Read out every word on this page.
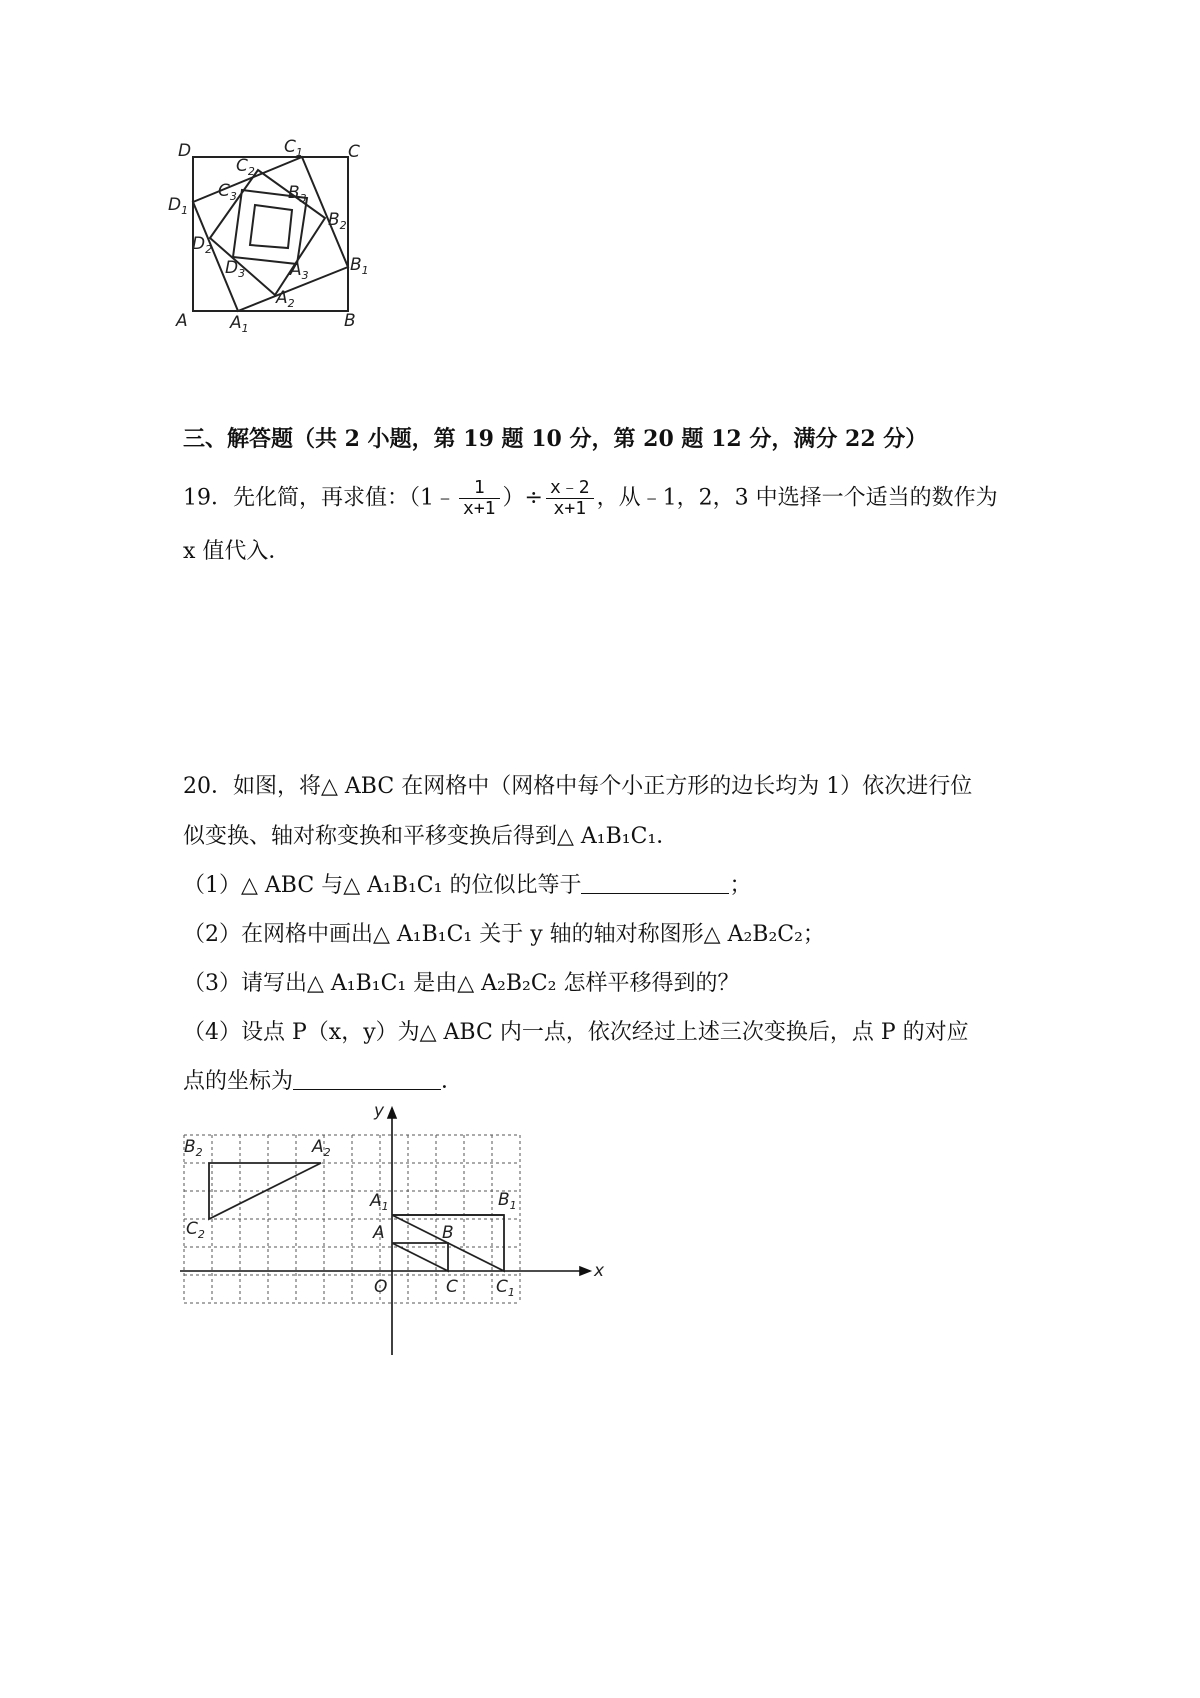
D	$C_1$	C
$C_2$
$C_3$	$B_3$
$D_1$	$B_2$
$D_2$
$D_3$	$A_3$
$B_1$
$A_2$
A $A_1$	B
三、解答题（共 2 小题，第 19 题 10 分，第 20 题 12 分，满分 22 分）
19．先化简，再求值：（1﹣ $\frac{1}{x+1}$ ）÷ $\frac{x﹣2}{x+1}$ ，从﹣1，2，3 中选择一个适当的数作为
x 值代入．
20．如图，将△ ABC 在网格中（网格中每个小正方形的边长均为 1）依次进行位
似变换、轴对称变换和平移变换后得到△ A₁B₁C₁．
（1）△ ABC 与△ A₁B₁C₁ 的位似比等于	；
（2）在网格中画出△ A₁B₁C₁ 关于 y 轴的轴对称图形△ A₂B₂C₂；
（3）请写出△ A₁B₁C₁ 是由△ A₂B₂C₂ 怎样平移得到的？
（4）设点 P（x，y）为△ ABC 内一点，依次经过上述三次变换后，点 P 的对应
点的坐标为	．
$B_2$	$A_2$
$C_2$
$A_1$	$B_1$
A	B
C $C_1$
O
x
y
